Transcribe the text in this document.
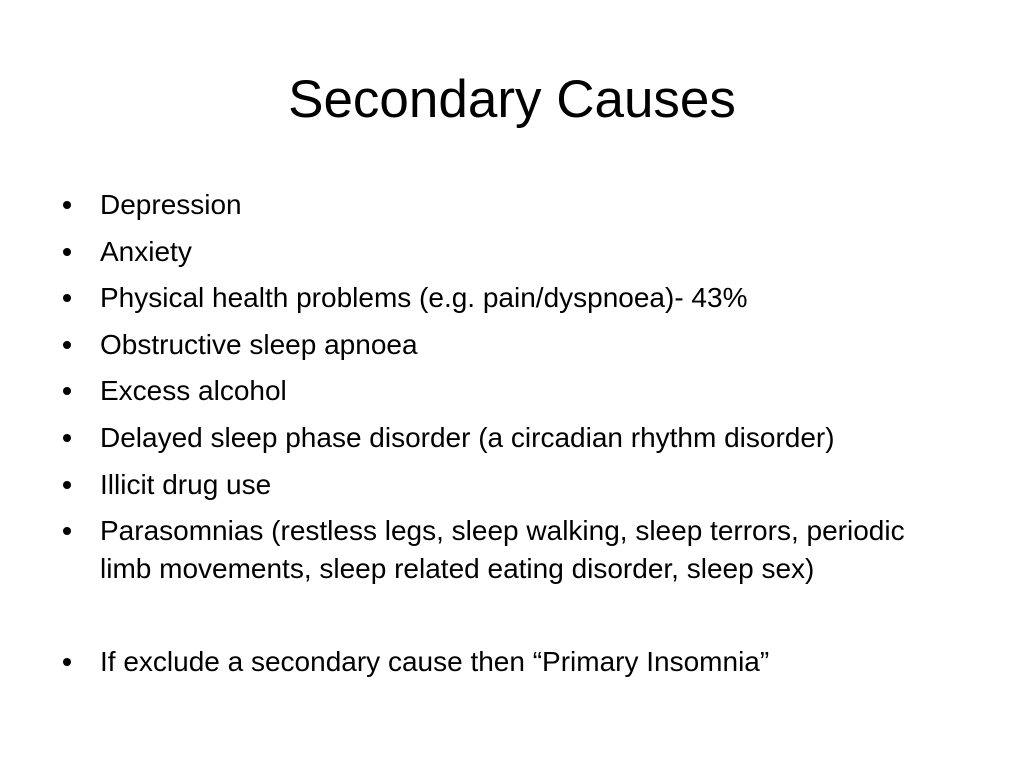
Secondary Causes
Depression
Anxiety
Physical health problems (e.g. pain/dyspnoea)- 43%
Obstructive sleep apnoea
Excess alcohol
Delayed sleep phase disorder (a circadian rhythm disorder)
Illicit drug use
Parasomnias (restless legs, sleep walking, sleep terrors, periodic limb movements, sleep related eating disorder, sleep sex)
If exclude a secondary cause then “Primary Insomnia”
